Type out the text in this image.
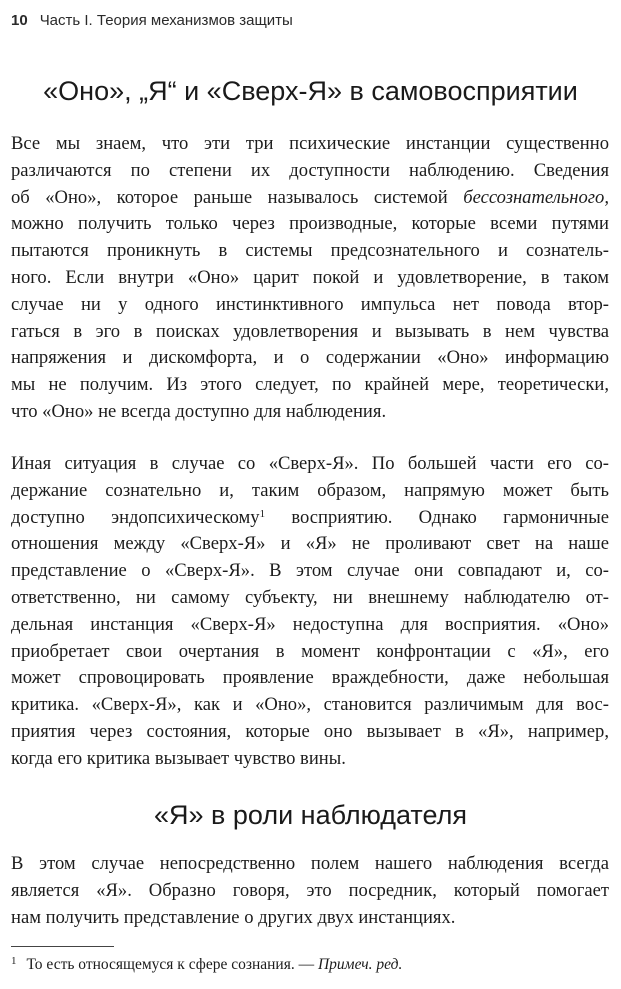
10 Часть I. Теория механизмов защиты
«Оно», „Я“ и «Сверх-Я» в самовосприятии
Все мы знаем, что эти три психические инстанции существенно
различаются по степени их доступности наблюдению. Сведения
об «Оно», которое раньше называлось системой бессознательного,
можно получить только через производные, которые всеми путями
пытаются проникнуть в системы предсознательного и сознатель-
ного. Если внутри «Оно» царит покой и удовлетворение, в таком
случае ни у одного инстинктивного импульса нет повода втор-
гаться в эго в поисках удовлетворения и вызывать в нем чувства
напряжения и дискомфорта, и о содержании «Оно» информацию
мы не получим. Из этого следует, по крайней мере, теоретически,
что «Оно» не всегда доступно для наблюдения.
Иная ситуация в случае со «Сверх-Я». По большей части его со-
держание сознательно и, таким образом, напрямую может быть
доступно эндопсихическому$^1$ восприятию. Однако гармоничные
отношения между «Сверх-Я» и «Я» не проливают свет на наше
представление о «Сверх-Я». В этом случае они совпадают и, со-
ответственно, ни самому субъекту, ни внешнему наблюдателю от-
дельная инстанция «Сверх-Я» недоступна для восприятия. «Оно»
приобретает свои очертания в момент конфронтации с «Я», его
может спровоцировать проявление враждебности, даже небольшая
критика. «Сверх-Я», как и «Оно», становится различимым для вос-
приятия через состояния, которые оно вызывает в «Я», например,
когда его критика вызывает чувство вины.
«Я» в роли наблюдателя
В этом случае непосредственно полем нашего наблюдения всегда
является «Я». Образно говоря, это посредник, который помогает
нам получить представление о других двух инстанциях.
$^1$ То есть относящемуся к сфере сознания. — Примеч. ред.
